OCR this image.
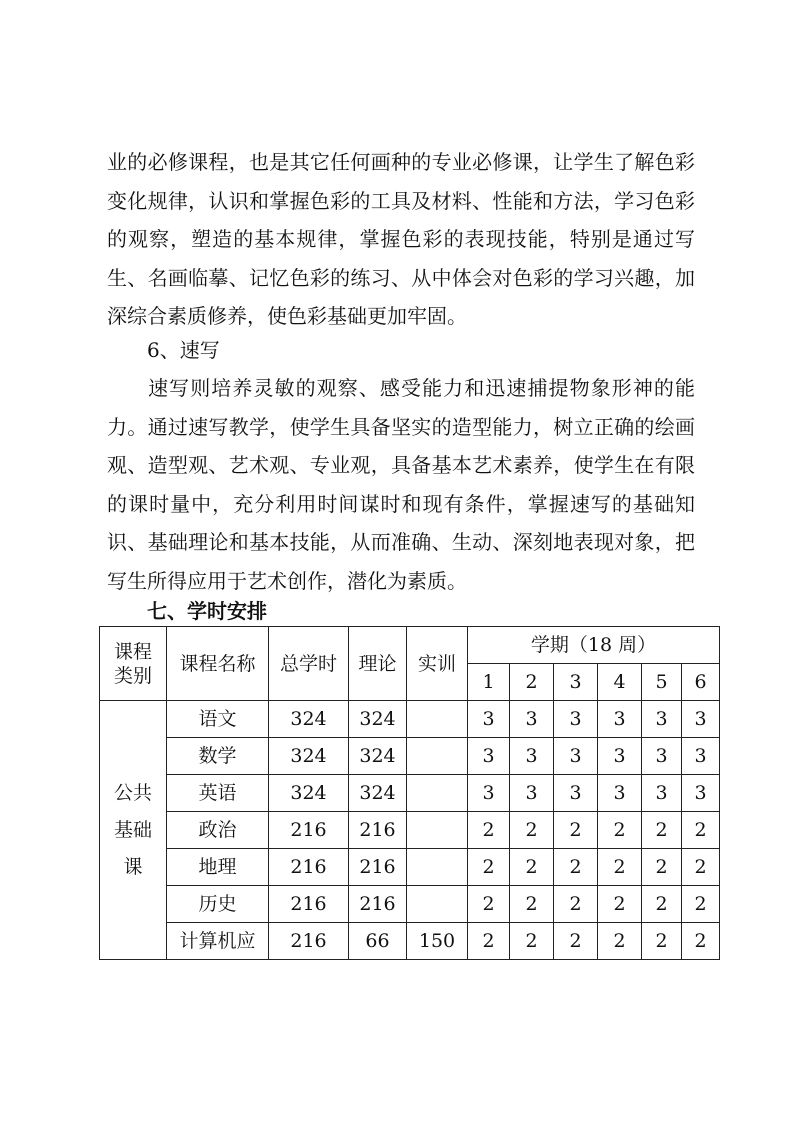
业的必修课程，也是其它任何画种的专业必修课，让学生了解色彩变化规律，认识和掌握色彩的工具及材料、性能和方法，学习色彩的观察，塑造的基本规律，掌握色彩的表现技能，特别是通过写生、名画临摹、记忆色彩的练习、从中体会对色彩的学习兴趣，加深综合素质修养，使色彩基础更加牢固。

6、速写

速写则培养灵敏的观察、感受能力和迅速捕提物象形神的能力。通过速写教学，使学生具备坚实的造型能力，树立正确的绘画观、造型观、艺术观、专业观，具备基本艺术素养，使学生在有限的课时量中，充分利用时间谋时和现有条件，掌握速写的基础知识、基础理论和基本技能，从而准确、生动、深刻地表现对象，把写生所得应用于艺术创作，潜化为素质。

七、学时安排
课程类别	课程名称	总学时	理论	实训	学期（18 周）					
					1	2	3	4	5	6
公共基础课	语文	324	324		3	3	3	3	3	3
	数学	324	324		3	3	3	3	3	3
	英语	324	324		3	3	3	3	3	3
	政治	216	216		2	2	2	2	2	2
	地理	216	216		2	2	2	2	2	2
	历史	216	216		2	2	2	2	2	2
	计算机应	216	66	150	2	2	2	2	2	2
